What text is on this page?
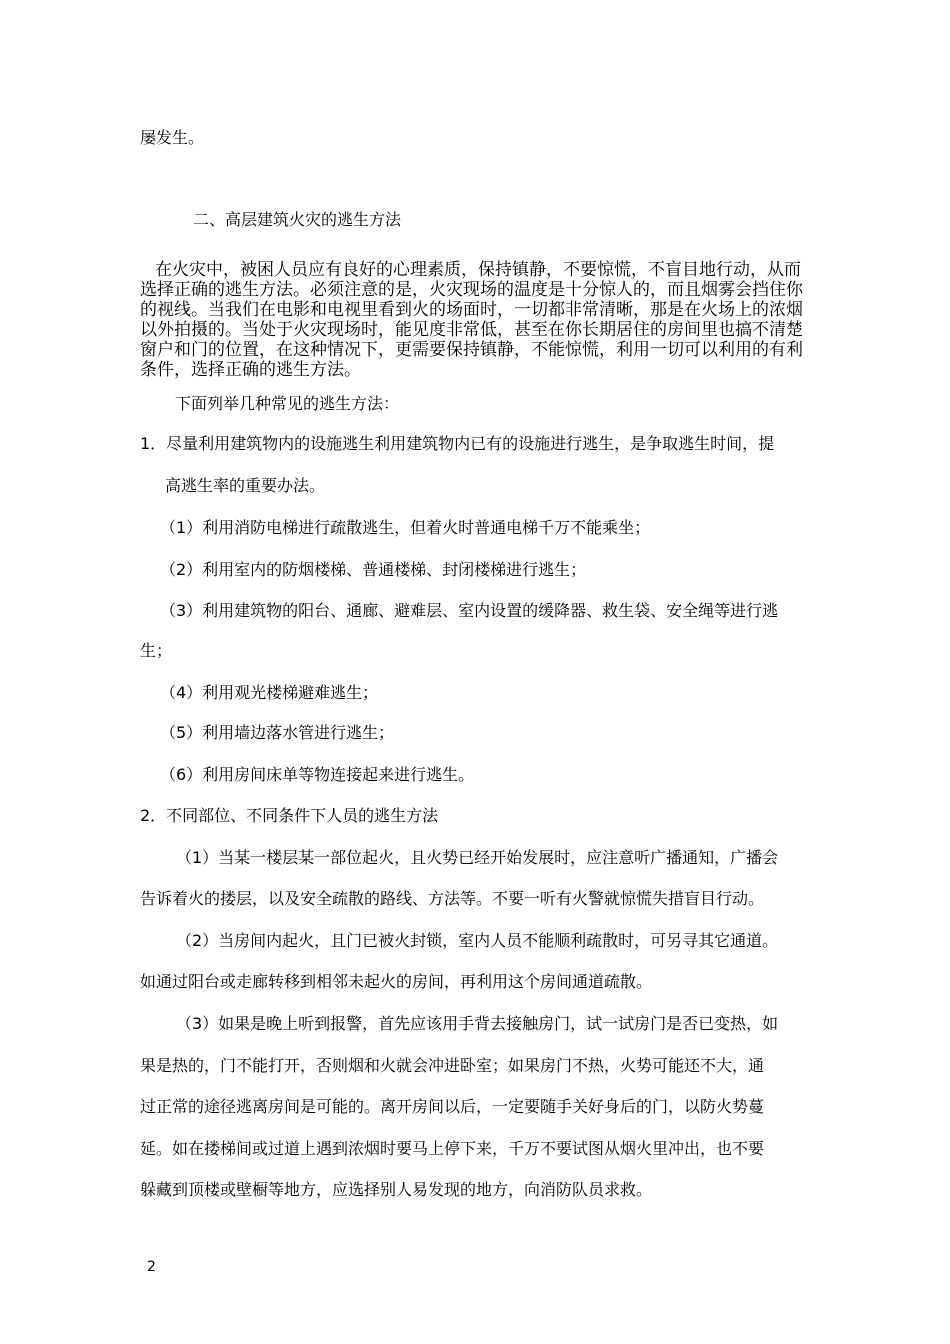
屡发生。
二、高层建筑火灾的逃生方法
在火灾中，被困人员应有良好的心理素质，保持镇静，不要惊慌，不盲目地行动，从而
选择正确的逃生方法。必须注意的是，火灾现场的温度是十分惊人的，而且烟雾会挡住你
的视线。当我们在电影和电视里看到火的场面时，一切都非常清晰，那是在火场上的浓烟
以外拍摄的。当处于火灾现场时，能见度非常低，甚至在你长期居住的房间里也搞不清楚
窗户和门的位置，在这种情况下，更需要保持镇静，不能惊慌，利用一切可以利用的有利
条件，选择正确的逃生方法。
下面列举几种常见的逃生方法：
1．尽量利用建筑物内的设施逃生利用建筑物内已有的设施进行逃生，是争取逃生时间，提
高逃生率的重要办法。
（1）利用消防电梯进行疏散逃生，但着火时普通电梯千万不能乘坐；
（2）利用室内的防烟楼梯、普通楼梯、封闭楼梯进行逃生；
（3）利用建筑物的阳台、通廊、避难层、室内设置的缓降器、救生袋、安全绳等进行逃
生；
（4）利用观光楼梯避难逃生；
（5）利用墙边落水管进行逃生；
（6）利用房间床单等物连接起来进行逃生。
2．不同部位、不同条件下人员的逃生方法
（1）当某一楼层某一部位起火，且火势已经开始发展时，应注意听广播通知，广播会
告诉着火的搂层，以及安全疏散的路线、方法等。不要一听有火警就惊慌失措盲目行动。
（2）当房间内起火，且门已被火封锁，室内人员不能顺利疏散时，可另寻其它通道。
如通过阳台或走廊转移到相邻未起火的房间，再利用这个房间通道疏散。
（3）如果是晚上听到报警，首先应该用手背去接触房门，试一试房门是否已变热，如
果是热的，门不能打开，否则烟和火就会冲进卧室；如果房门不热，火势可能还不大，通
过正常的途径逃离房间是可能的。离开房间以后，一定要随手关好身后的门，以防火势蔓
延。如在搂梯间或过道上遇到浓烟时要马上停下来，千万不要试图从烟火里冲出，也不要
躲藏到顶楼或壁橱等地方，应选择别人易发现的地方，向消防队员求救。
2
